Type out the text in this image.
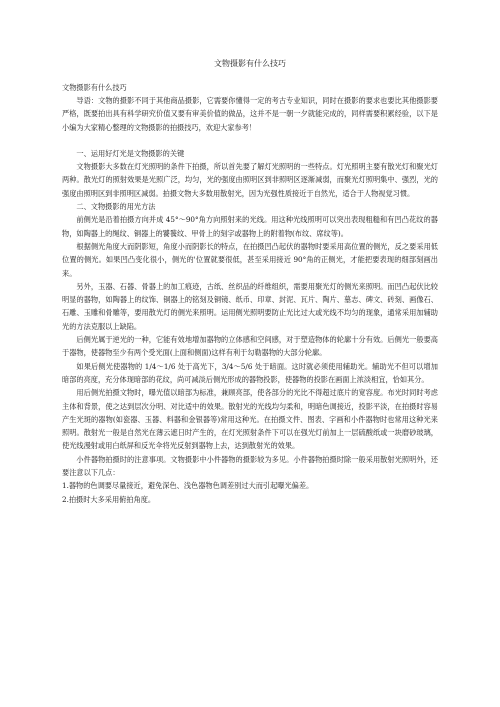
文物摄影有什么技巧
文物摄影有什么技巧

导语：文物的摄影不同于其他商品摄影，它需要你懂得一定的考古专业知识，同时在摄影的要求也要比其他摄影要严格，既要拍出具有科学研究价值又要有审美价值的做品，这并不是一朝一夕就能完成的，同样需要积累经验，以下是小编为大家精心整理的文物摄影的拍摄技巧，欢迎大家参考！

一、运用好灯光是文物摄影的关键

文物摄影大多数在灯光照明的条件下拍摄，所以首先要了解灯光照明的一些特点。灯光照明主要有散光灯和聚光灯两种。散光灯的照射效果是光照广泛，均匀，光的强度由照明区到非照明区逐渐减弱，而聚光灯照明集中、强烈，光的强度由照明区到非照明区减弱。拍摄文物大多数用散射光，因为光强性质接近于自然光，适合于人物视觉习惯。

二、文物摄影的用光方法

前侧光是沿着拍摄方向并成 45°～90°角方向照射来的光线。用这种光线照明可以突出表现粗糙和有凹凸花纹的器物，如陶器上的绳纹、铜器上的饕餮纹、甲骨上的刻字或器物上的附着物(布纹、席纹等)。

根据侧光角度大而阴影短，角度小而阴影长的特点，在拍摄凹凸起伏的器物时要采用高位置的侧光，反之要采用低位置的侧光。如果凹凸变化很小，侧光的'位置就要很低，甚至采用接近 90°角的正侧光，才能把要表现的细部刻画出来。

另外，玉器、石器、骨器上的加工痕迹，古纸、丝织品的纤维组织，需要用聚光灯的侧光来照明。而凹凸起伏比较明显的器物，如陶器上的纹饰、铜器上的铭刻及铜镜、纸币、印章、封泥、瓦片、陶片、墓志、碑文、砖刻、画像石、石雕、玉雕和骨雕等，要用散光灯的侧光来照明。运用侧光照明要防止光比过大或光线不均匀的现象，通常采用加辅助光的方法克服以上缺陷。

后侧光属于逆光的一种，它能有效地增加器物的立体感和空间感，对于塑造物体的轮廓十分有效。后侧光一般要高于器物，使器物至少有两个受光面(上面和侧面)这样有利于勾勒器物的大部分轮廓。

如果后侧光使器物的 1/4～1/6 处于高光下，3/4～5/6 处于暗面。这时就必须使用辅助光。辅助光不但可以增加暗部的亮度，充分体现暗部的花纹，尚可减淡后侧光形成的器物投影，使器物的投影在画面上浓淡相宜，恰如其分。

用后侧光拍摄文物时，曝光值以暗部为标准，兼顾亮部，使各部分的光比不得超过底片的宽容度。布光时同时考虑主体和背景，使之达到层次分明、对比适中的效果。散射光的光线均匀柔和，明暗色调接近，投影平淡，在拍摄时容易产生光斑的器物(如瓷器、玉器、料器和金银器等)常用这种光。在拍摄文件、图表、字画和小件器物时也常用这种光来照明。散射光一般是自然光在薄云遮日时产生的，在灯光照射条件下可以在强光灯前加上一层硫酸纸或一块磨砂玻璃，使光线漫射或用白纸屏和反光伞将光反射到器物上去，达到散射光的效果。

小件器物拍摄时的注意事项。文物摄影中小件器物的摄影较为多见。小件器物拍摄时除一般采用散射光照明外，还要注意以下几点：

1.器物的色调要尽量接近，避免深色、浅色器物色调差别过大而引起曝光偏差。

2.拍摄时大多采用俯拍角度。
